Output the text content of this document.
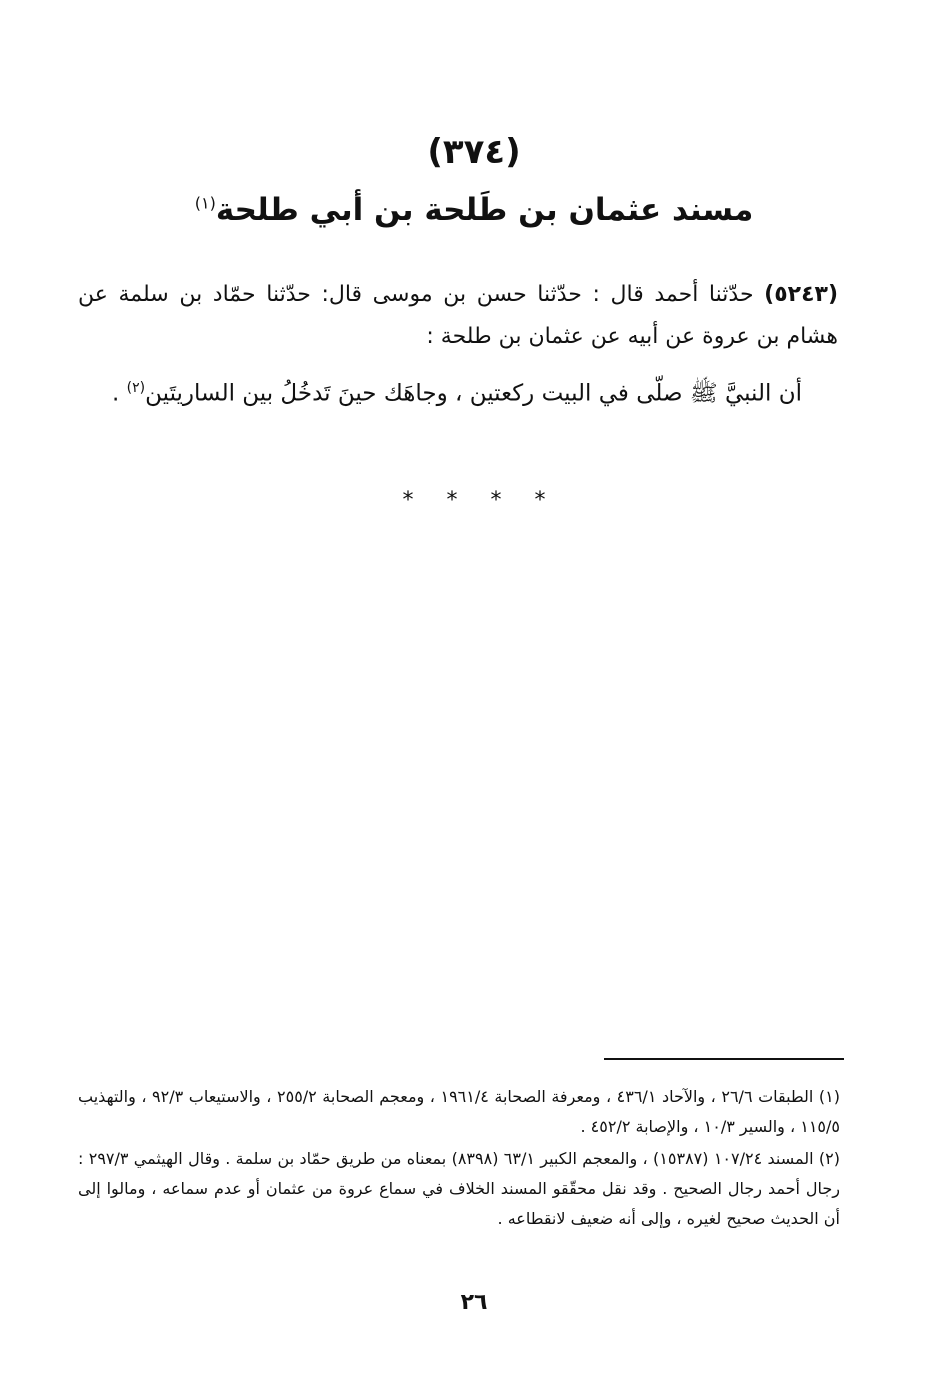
(٣٧٤)
مسند عثمان بن طَلحة بن أبي طلحة$^{(١)}$

(٥٢٤٣) حدّثنا أحمد قال : حدّثنا حسن بن موسى قال: حدّثنا حمّاد بن سلمة عن هشام بن عروة عن أبيه عن عثمان بن طلحة :

أن النبيَّ ﷺ صلّى في البيت ركعتين ، وجاهَك حينَ تَدخُلُ بين الساريتَين$^{(٢)}$ .
* * * *

(١) الطبقات ٢٦/٦ ، والآحاد ٤٣٦/١ ، ومعرفة الصحابة ١٩٦١/٤ ، ومعجم الصحابة ٢٥٥/٢ ، والاستيعاب ٩٢/٣ ، والتهذيب ١١٥/٥ ، والسير ١٠/٣ ، والإصابة ٤٥٢/٢ .

(٢) المسند ١٠٧/٢٤ (١٥٣٨٧) ، والمعجم الكبير ٦٣/١ (٨٣٩٨) بمعناه من طريق حمّاد بن سلمة . وقال الهيثمي ٢٩٧/٣ : رجال أحمد رجال الصحيح . وقد نقل محقّقو المسند الخلاف في سماع عروة من عثمان أو عدم سماعه ، ومالوا إلى أن الحديث صحيح لغيره ، وإلى أنه ضعيف لانقطاعه .

٢٦
